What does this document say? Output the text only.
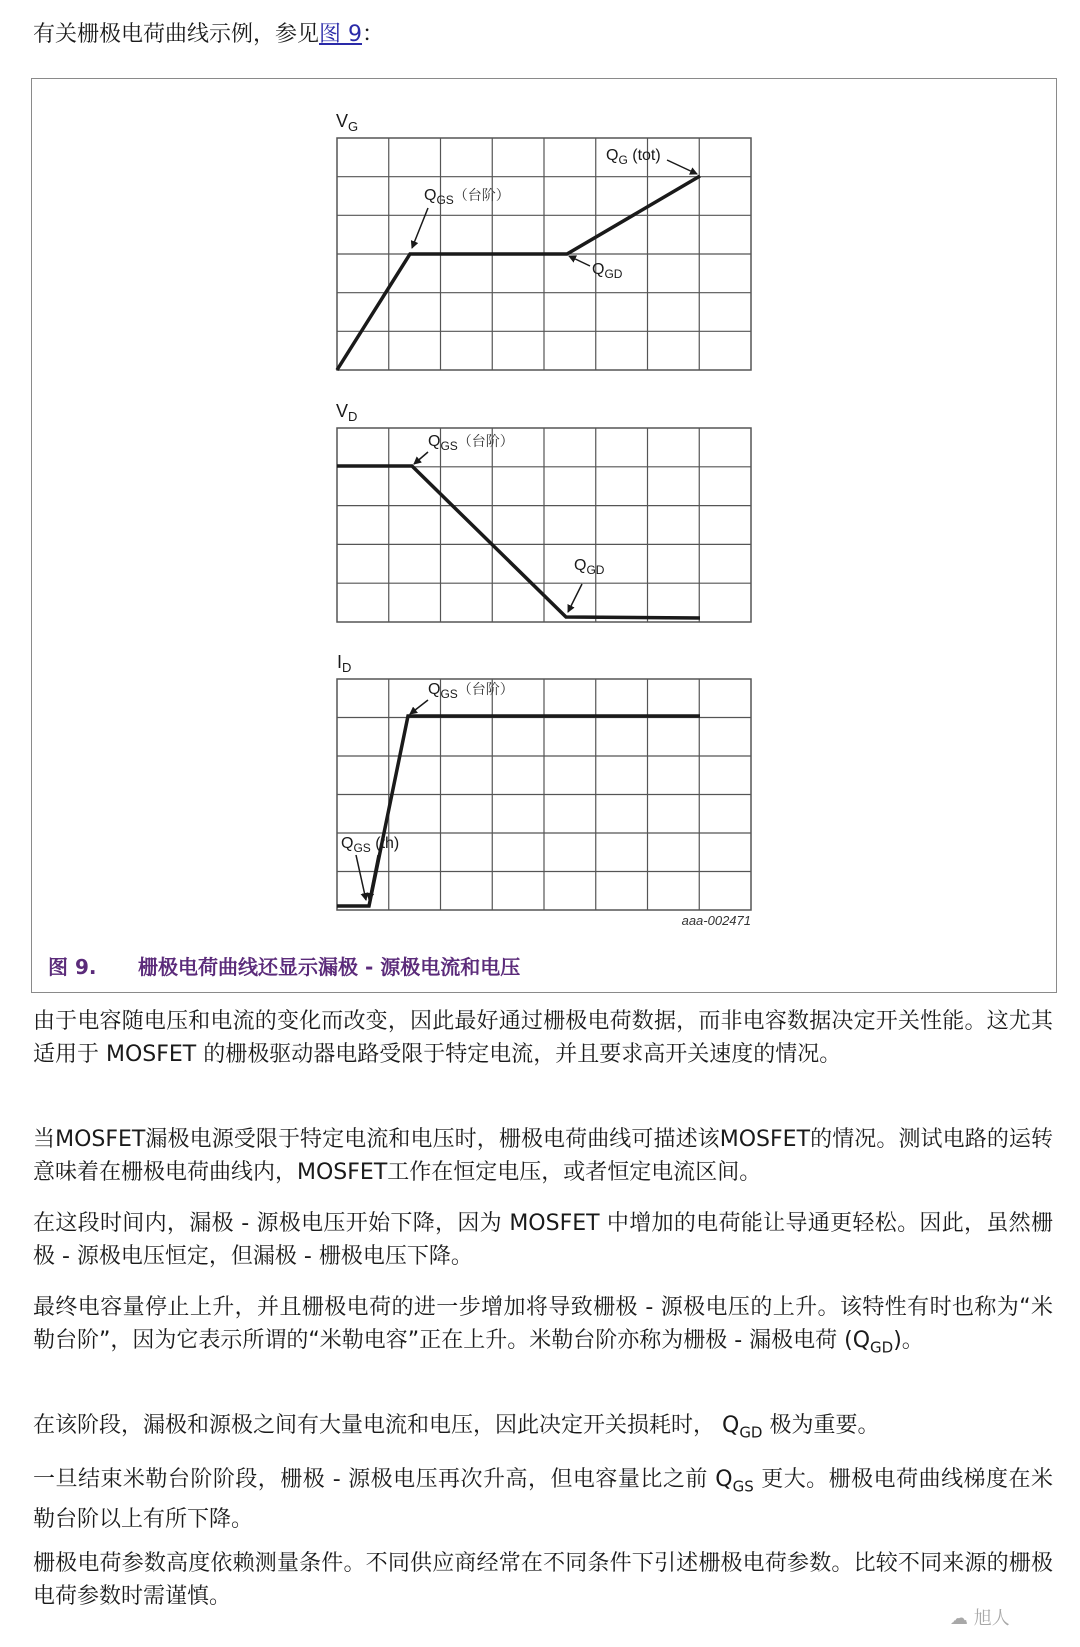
有关栅极电荷曲线示例，参见图 9：
$V_G$
$Q_{GS}$（台阶）
$Q_{GD}$
$Q_G$ (tot)
$V_D$
$Q_{GS}$（台阶）
$Q_{GD}$
$I_D$
$Q_{GS}$（台阶）
$Q_{GS}$ (th)
aaa-002471
图 9. 栅极电荷曲线还显示漏极 - 源极电流和电压

由于电容随电压和电流的变化而改变，因此最好通过栅极电荷数据，而非电容数据决定开关性能。这尤其适用于 MOSFET 的栅极驱动器电路受限于特定电流，并且要求高开关速度的情况。

当MOSFET漏极电源受限于特定电流和电压时，栅极电荷曲线可描述该MOSFET的情况。测试电路的运转意味着在栅极电荷曲线内，MOSFET工作在恒定电压，或者恒定电流区间。

在这段时间内，漏极 - 源极电压开始下降，因为 MOSFET 中增加的电荷能让导通更轻松。因此，虽然栅极 - 源极电压恒定，但漏极 - 栅极电压下降。

最终电容量停止上升，并且栅极电荷的进一步增加将导致栅极 - 源极电压的上升。该特性有时也称为“米勒台阶”，因为它表示所谓的“米勒电容”正在上升。米勒台阶亦称为栅极 - 漏极电荷 $(Q_{GD})$。

在该阶段，漏极和源极之间有大量电流和电压，因此决定开关损耗时， $Q_{GD}$ 极为重要。

一旦结束米勒台阶阶段，栅极 - 源极电压再次升高，但电容量比之前 $Q_{GS}$ 更大。栅极电荷曲线梯度在米勒台阶以上有所下降。

栅极电荷参数高度依赖测量条件。不同供应商经常在不同条件下引述栅极电荷参数。比较不同来源的栅极电荷参数时需谨慎。

☁ 旭人
